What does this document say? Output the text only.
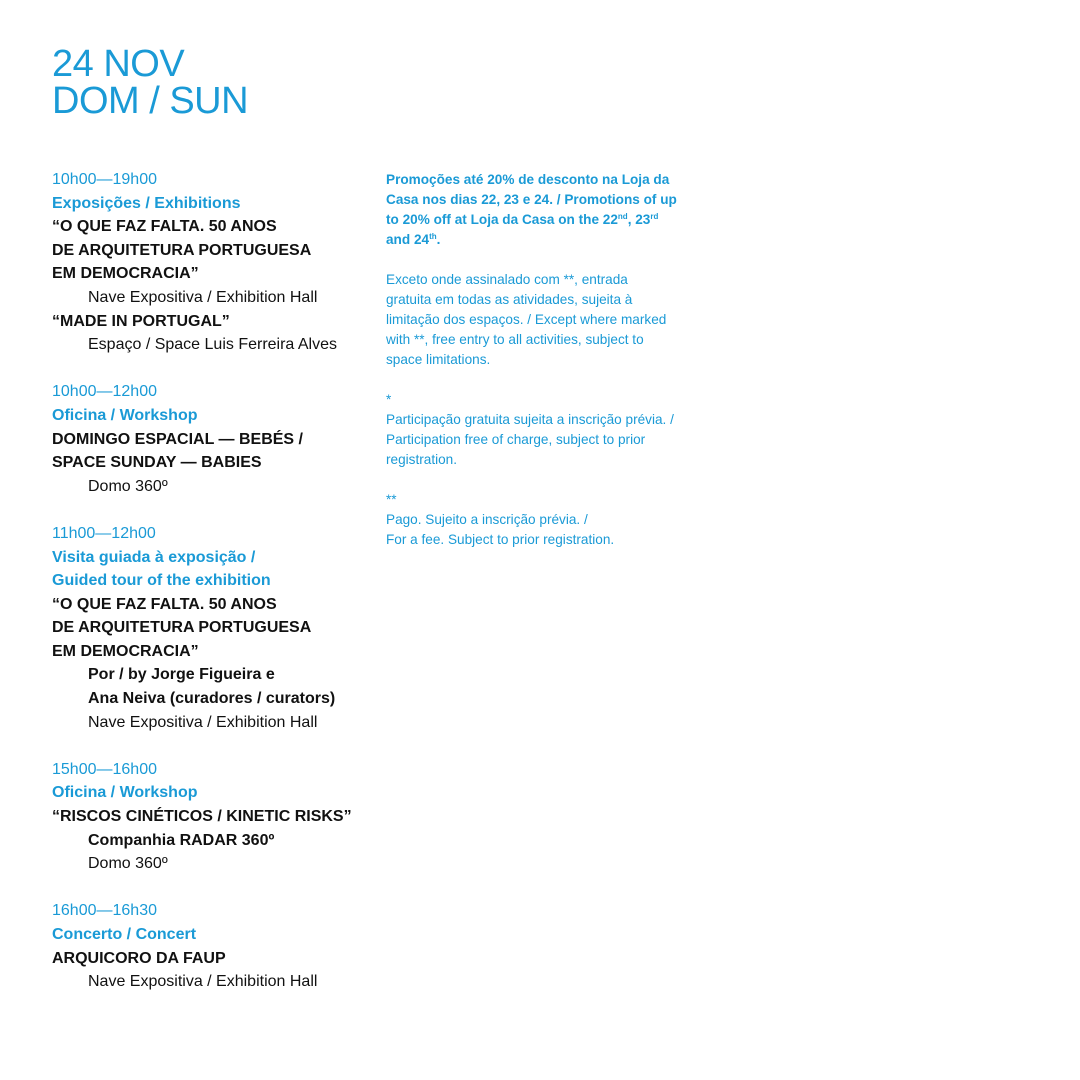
24 NOV
DOM / SUN
10h00—19h00
Exposições / Exhibitions
“O QUE FAZ FALTA. 50 ANOS
DE ARQUITETURA PORTUGUESA
EM DEMOCRACIA”
Nave Expositiva / Exhibition Hall
“MADE IN PORTUGAL”
Espaço / Space Luis Ferreira Alves
10h00—12h00
Oficina / Workshop
DOMINGO ESPACIAL — BEBÉS /
SPACE SUNDAY — BABIES
Domo 360º
11h00—12h00
Visita guiada à exposição /
Guided tour of the exhibition
“O QUE FAZ FALTA. 50 ANOS
DE ARQUITETURA PORTUGUESA
EM DEMOCRACIA”
Por / by Jorge Figueira e
Ana Neiva (curadores / curators)
Nave Expositiva / Exhibition Hall
15h00—16h00
Oficina / Workshop
“RISCOS CINÉTICOS / KINETIC RISKS”
Companhia RADAR 360º
Domo 360º
16h00—16h30
Concerto / Concert
ARQUICORO DA FAUP
Nave Expositiva / Exhibition Hall

Promoções até 20% de desconto na Loja da
Casa nos dias 22, 23 e 24. / Promotions of up
to 20% off at Loja da Casa on the 22nd, 23rd
and 24th.

Exceto onde assinalado com **, entrada
gratuita em todas as atividades, sujeita à
limitação dos espaços. / Except where marked
with **, free entry to all activities, subject to
space limitations.

*
Participação gratuita sujeita a inscrição prévia. /
Participation free of charge, subject to prior
registration.

**
Pago. Sujeito a inscrição prévia. /
For a fee. Subject to prior registration.
